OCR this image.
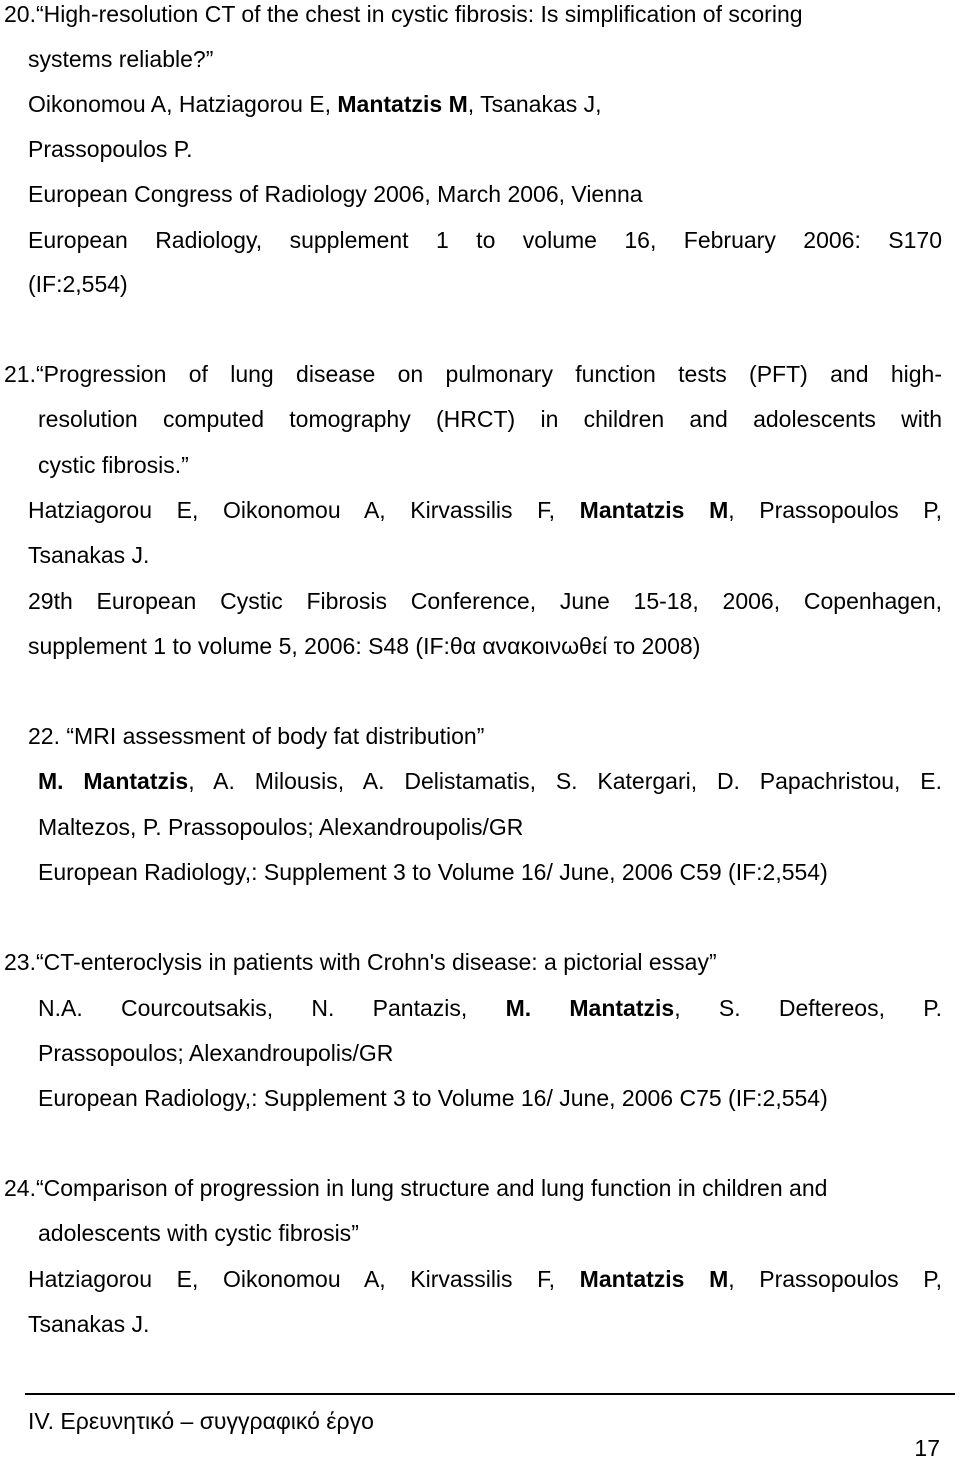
20.“High-resolution CT of the chest in cystic fibrosis: Is simplification of scoring
systems reliable?”
Oikonomou A, Hatziagorou E, Mantatzis M, Tsanakas J,
Prassopoulos P.
European Congress of Radiology 2006, March 2006, Vienna
European Radiology, supplement 1 to volume 16, February 2006: S170
(IF:2,554)
21.“Progression of lung disease on pulmonary function tests (PFT) and high-
resolution computed tomography (HRCT) in children and adolescents with
cystic fibrosis.”
Hatziagorou E, Oikonomou A, Kirvassilis F, Mantatzis M, Prassopoulos P,
Tsanakas J.
29th European Cystic Fibrosis Conference, June 15-18, 2006, Copenhagen,
supplement 1 to volume 5, 2006: S48 (IF:θα ανακοινωθεί το 2008)
22. “MRI assessment of body fat distribution”
M. Mantatzis, A. Milousis, A. Delistamatis, S. Katergari, D. Papachristou, E.
Maltezos, P. Prassopoulos; Alexandroupolis/GR
European Radiology,: Supplement 3 to Volume 16/ June, 2006 C59 (IF:2,554)
23.“CT-enteroclysis in patients with Crohn's disease: a pictorial essay”
N.A. Courcoutsakis, N. Pantazis, M. Mantatzis, S. Deftereos, P.
Prassopoulos; Alexandroupolis/GR
European Radiology,: Supplement 3 to Volume 16/ June, 2006 C75 (IF:2,554)
24.“Comparison of progression in lung structure and lung function in children and
adolescents with cystic fibrosis”
Hatziagorou E, Oikonomou A, Kirvassilis F, Mantatzis M, Prassopoulos P,
Tsanakas J.
IV. Ερευνητικό – συγγραφικό έργο
17
